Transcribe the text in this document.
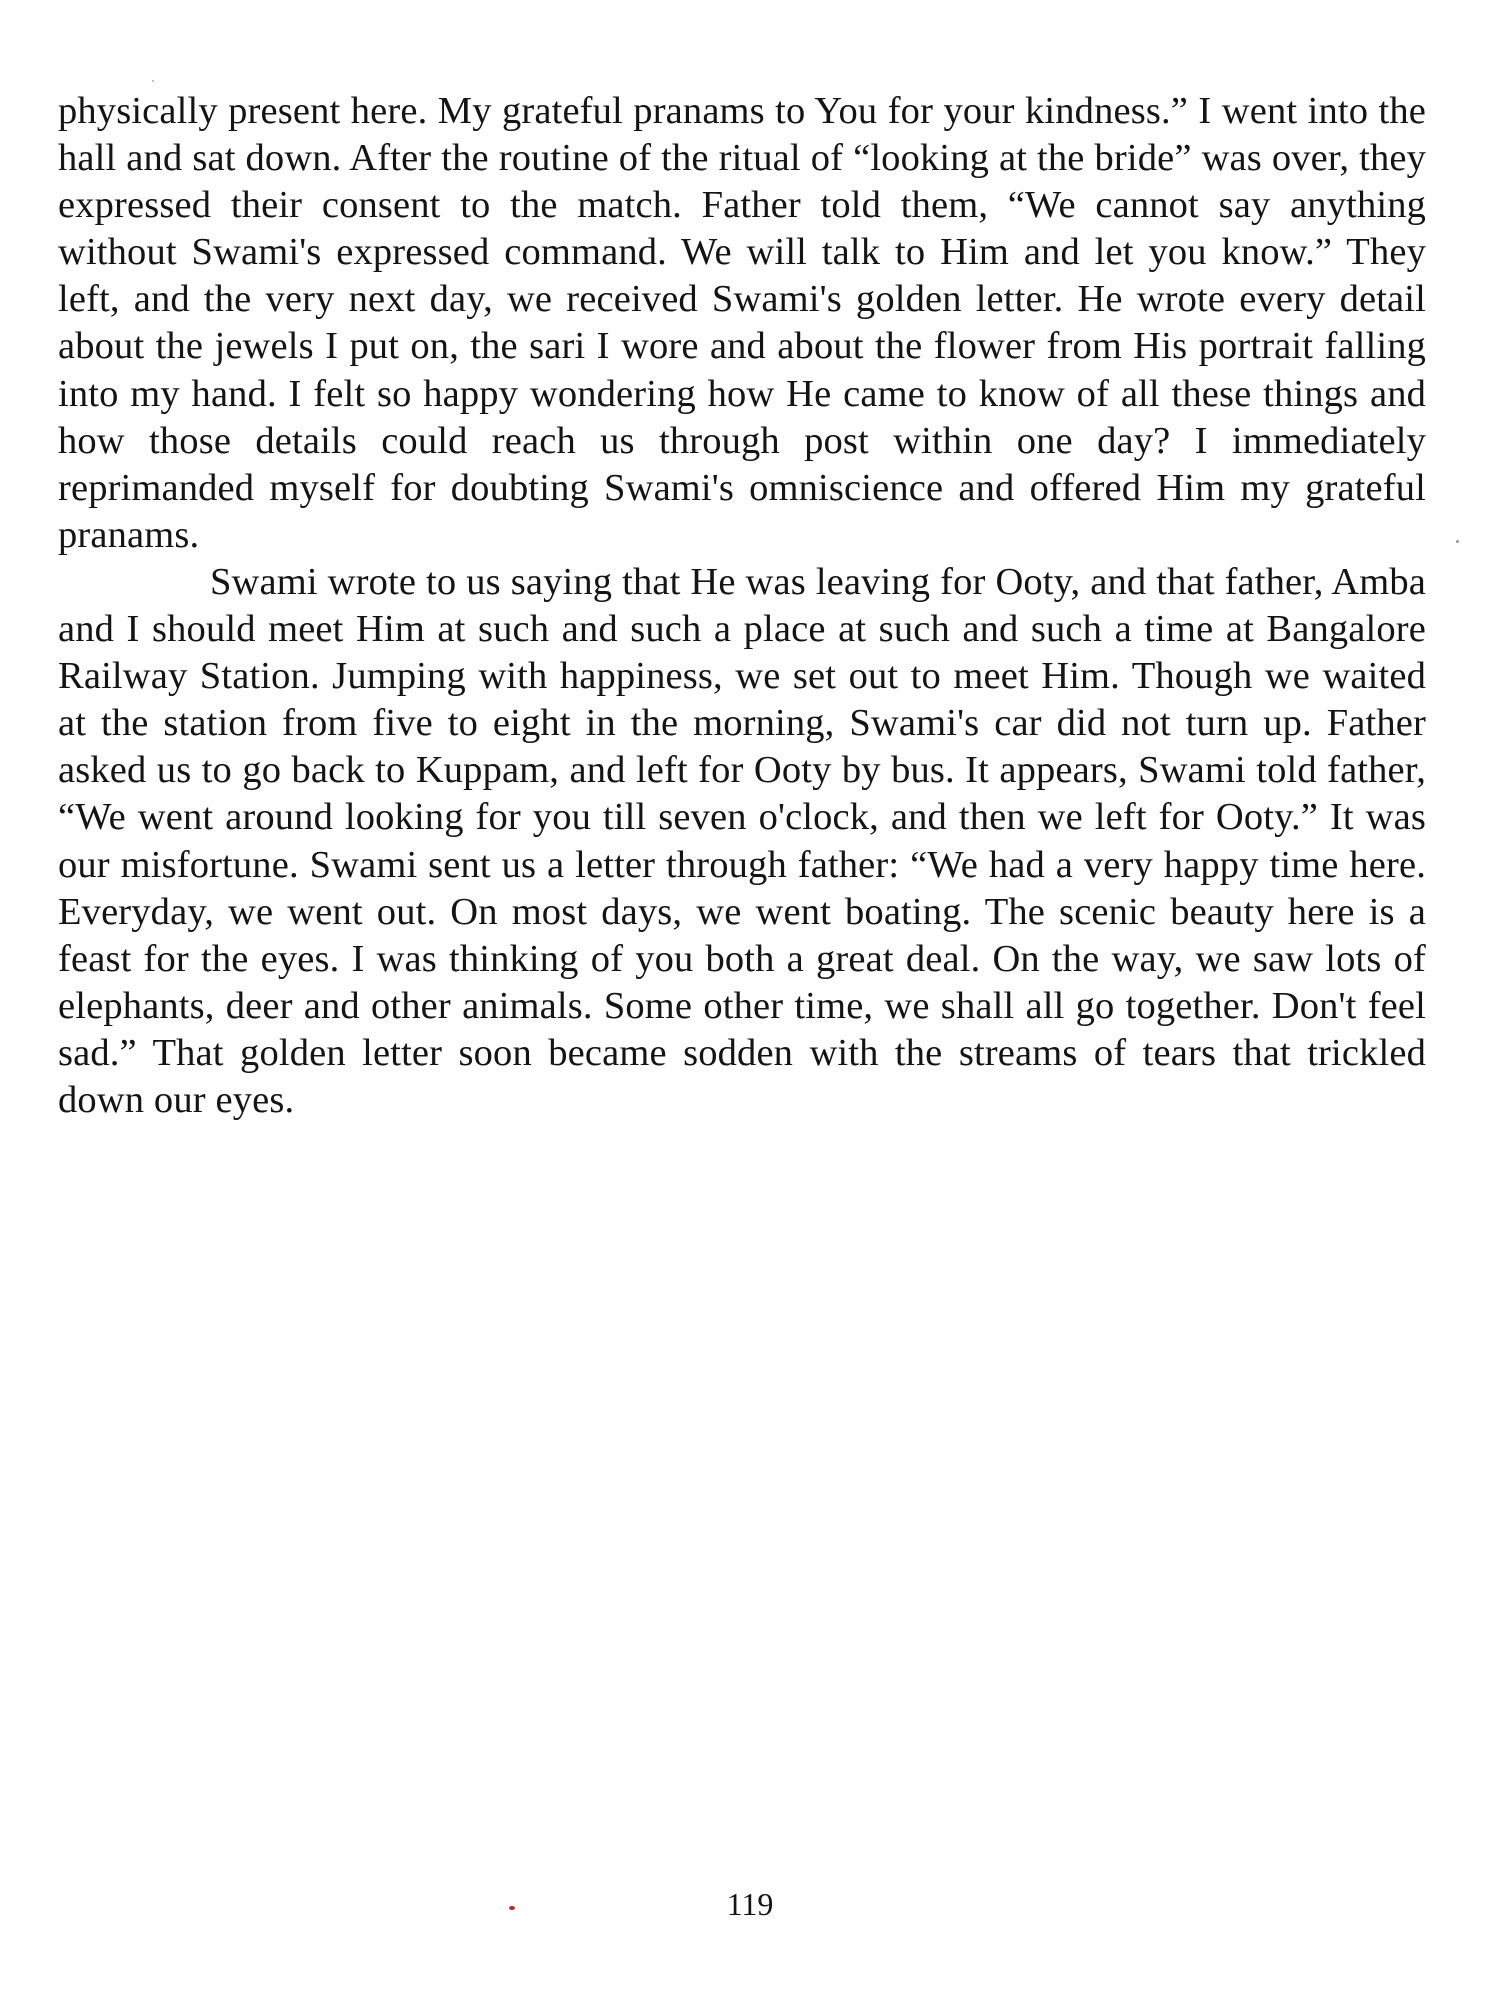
physically present here. My grateful pranams to You for your kindness.” I went into the hall and sat down. After the routine of the ritual of “looking at the bride” was over, they expressed their consent to the match. Father told them, “We cannot say anything without Swami's expressed command. We will talk to Him and let you know.” They left, and the very next day, we received Swami's golden letter. He wrote every detail about the jewels I put on, the sari I wore and about the flower from His portrait falling into my hand. I felt so happy wondering how He came to know of all these things and how those details could reach us through post within one day? I immediately reprimanded myself for doubting Swami's omniscience and offered Him my grateful pranams.

Swami wrote to us saying that He was leaving for Ooty, and that father, Amba and I should meet Him at such and such a place at such and such a time at Bangalore Railway Station. Jumping with happiness, we set out to meet Him. Though we waited at the station from five to eight in the morning, Swami's car did not turn up. Father asked us to go back to Kuppam, and left for Ooty by bus. It appears, Swami told father, “We went around looking for you till seven o'clock, and then we left for Ooty.” It was our misfortune. Swami sent us a letter through father: “We had a very happy time here. Everyday, we went out. On most days, we went boating. The scenic beauty here is a feast for the eyes. I was thinking of you both a great deal. On the way, we saw lots of elephants, deer and other animals. Some other time, we shall all go together. Don't feel sad.” That golden letter soon became sodden with the streams of tears that trickled down our eyes.

119
